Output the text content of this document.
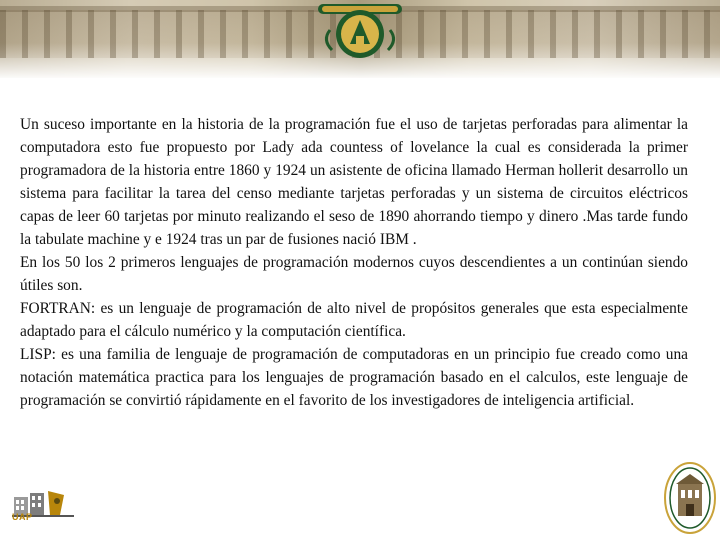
Un suceso importante en la historia de la programación fue el uso de tarjetas perforadas para alimentar la computadora esto fue propuesto por Lady ada countess of lovelance la cual es considerada la primer programadora de la historia entre 1860 y 1924 un asistente de oficina llamado Herman hollerit desarrollo un sistema para facilitar la tarea del censo mediante tarjetas perforadas y un sistema de circuitos eléctricos capas de leer 60 tarjetas por minuto realizando el seso de 1890 ahorrando tiempo y dinero .Mas tarde fundo la tabulate machine y e 1924 tras un par de fusiones nació IBM .

En los 50 los 2 primeros lenguajes de programación modernos cuyos descendientes a un continúan siendo útiles son.

FORTRAN: es un lenguaje de programación de alto nivel de propósitos generales que esta especialmente adaptado para el cálculo numérico y la computación científica.

LISP: es una familia de lenguaje de programación de computadoras en un principio fue creado como una notación matemática practica para los lenguajes de programación basado en el calculos, este lenguaje de programación se convirtió rápidamente en el favorito de los investigadores de inteligencia artificial.

UAP
